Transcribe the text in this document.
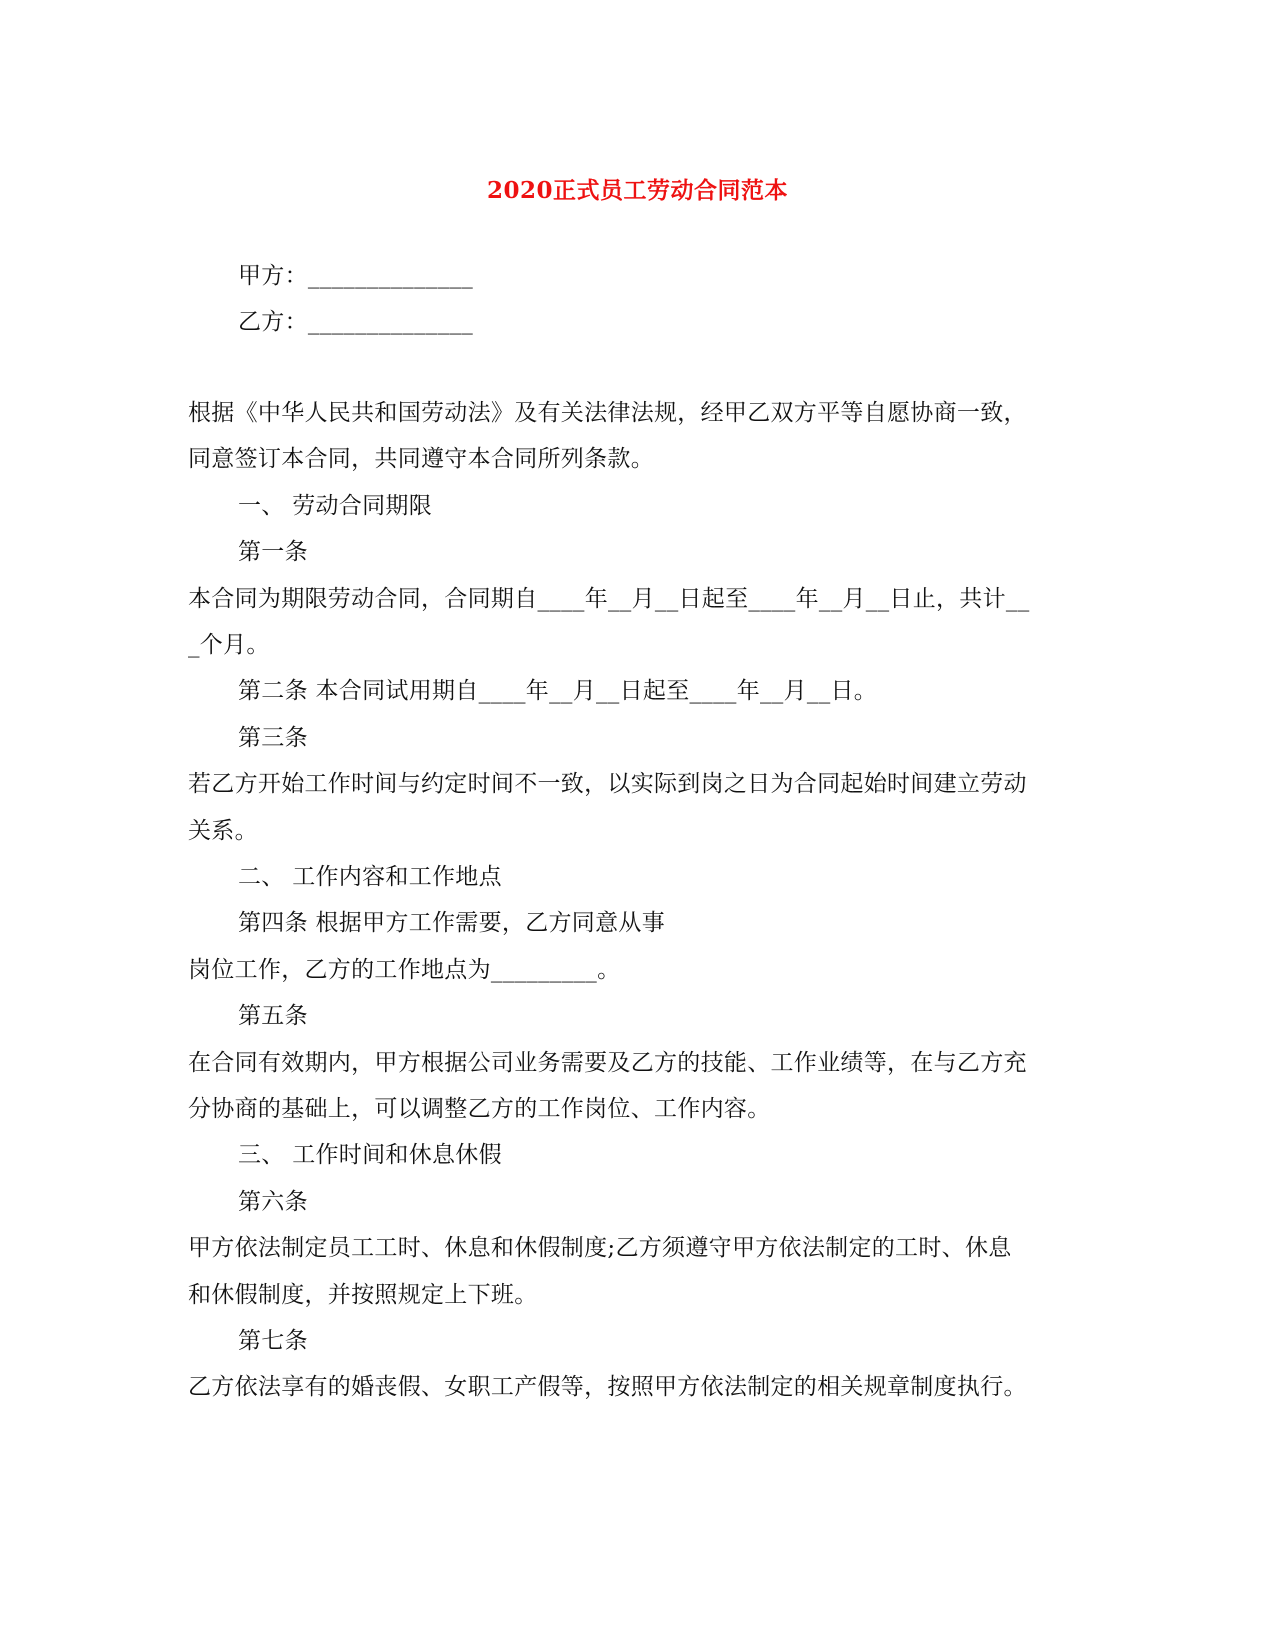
2020正式员工劳动合同范本
甲方：______________
乙方：______________
根据《中华人民共和国劳动法》及有关法律法规，经甲乙双方平等自愿协商一致，
同意签订本合同，共同遵守本合同所列条款。
一、 劳动合同期限
第一条
本合同为期限劳动合同，合同期自____年__月__日起至____年__月__日止，共计__
_个月。
第二条 本合同试用期自____年__月__日起至____年__月__日。
第三条
若乙方开始工作时间与约定时间不一致，以实际到岗之日为合同起始时间建立劳动
关系。
二、 工作内容和工作地点
第四条 根据甲方工作需要，乙方同意从事
岗位工作，乙方的工作地点为_________。
第五条
在合同有效期内，甲方根据公司业务需要及乙方的技能、工作业绩等，在与乙方充
分协商的基础上，可以调整乙方的工作岗位、工作内容。
三、 工作时间和休息休假
第六条
甲方依法制定员工工时、休息和休假制度;乙方须遵守甲方依法制定的工时、休息
和休假制度，并按照规定上下班。
第七条
乙方依法享有的婚丧假、女职工产假等，按照甲方依法制定的相关规章制度执行。
